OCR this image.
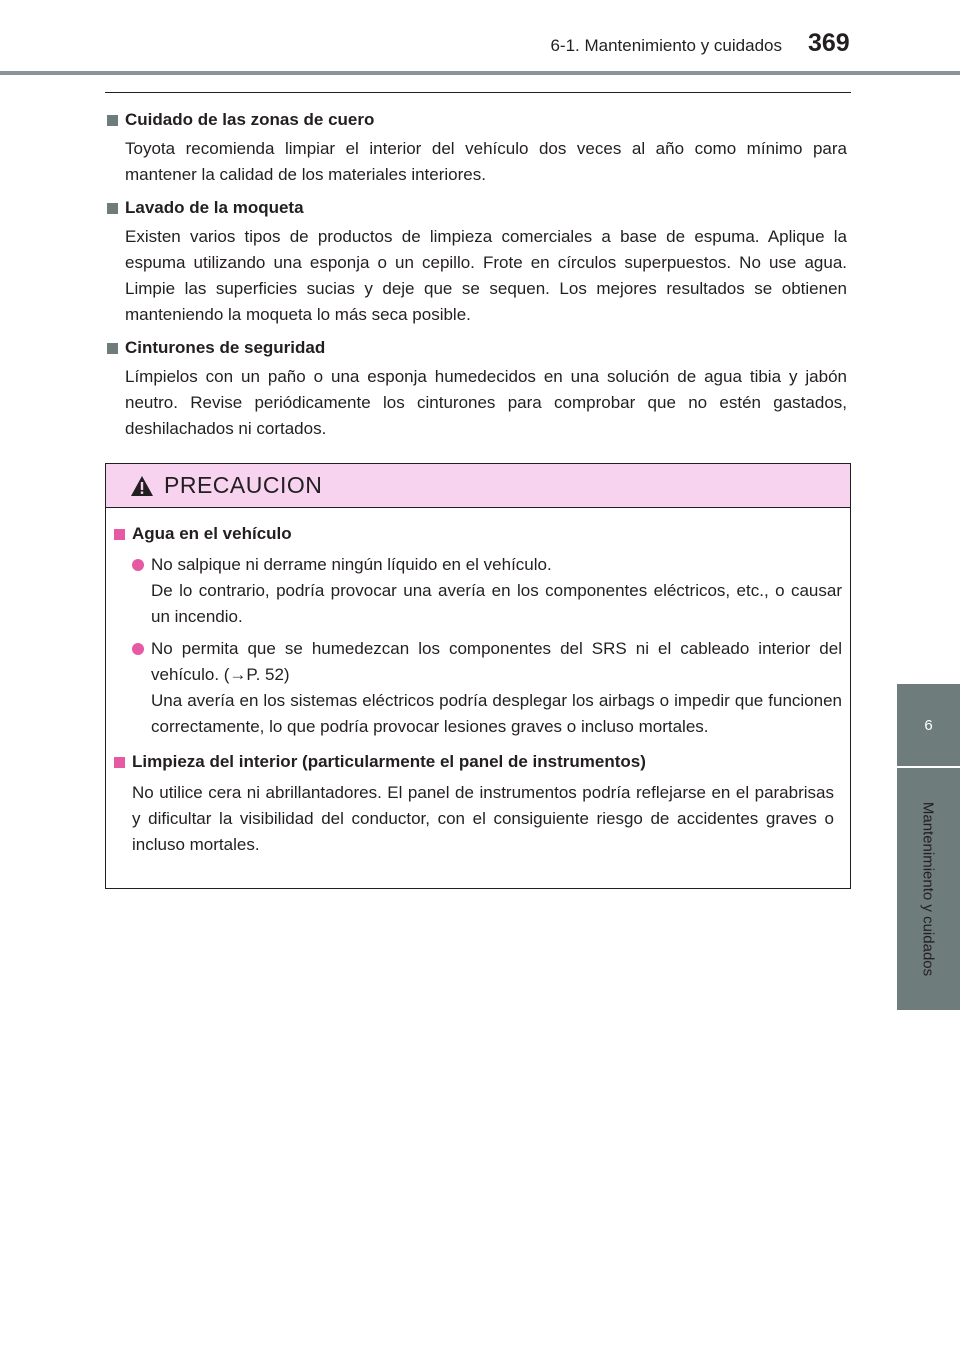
6-1. Mantenimiento y cuidados 369
6
Mantenimiento y cuidados
Cuidado de las zonas de cuero
Toyota recomienda limpiar el interior del vehículo dos veces al año como mínimo para mantener la calidad de los materiales interiores.
Lavado de la moqueta
Existen varios tipos de productos de limpieza comerciales a base de espuma. Aplique la espuma utilizando una esponja o un cepillo. Frote en círculos superpuestos. No use agua. Limpie las superficies sucias y deje que se sequen. Los mejores resultados se obtienen manteniendo la moqueta lo más seca posible.
Cinturones de seguridad
Límpielos con un paño o una esponja humedecidos en una solución de agua tibia y jabón neutro. Revise periódicamente los cinturones para comprobar que no estén gastados, deshilachados ni cortados.
PRECAUCION
Agua en el vehículo
No salpique ni derrame ningún líquido en el vehículo.
De lo contrario, podría provocar una avería en los componentes eléctricos, etc., o causar un incendio.
No permita que se humedezcan los componentes del SRS ni el cableado interior del vehículo. (→P. 52)
Una avería en los sistemas eléctricos podría desplegar los airbags o impedir que funcionen correctamente, lo que podría provocar lesiones graves o incluso mortales.
Limpieza del interior (particularmente el panel de instrumentos)
No utilice cera ni abrillantadores. El panel de instrumentos podría reflejarse en el parabrisas y dificultar la visibilidad del conductor, con el consiguiente riesgo de accidentes graves o incluso mortales.
